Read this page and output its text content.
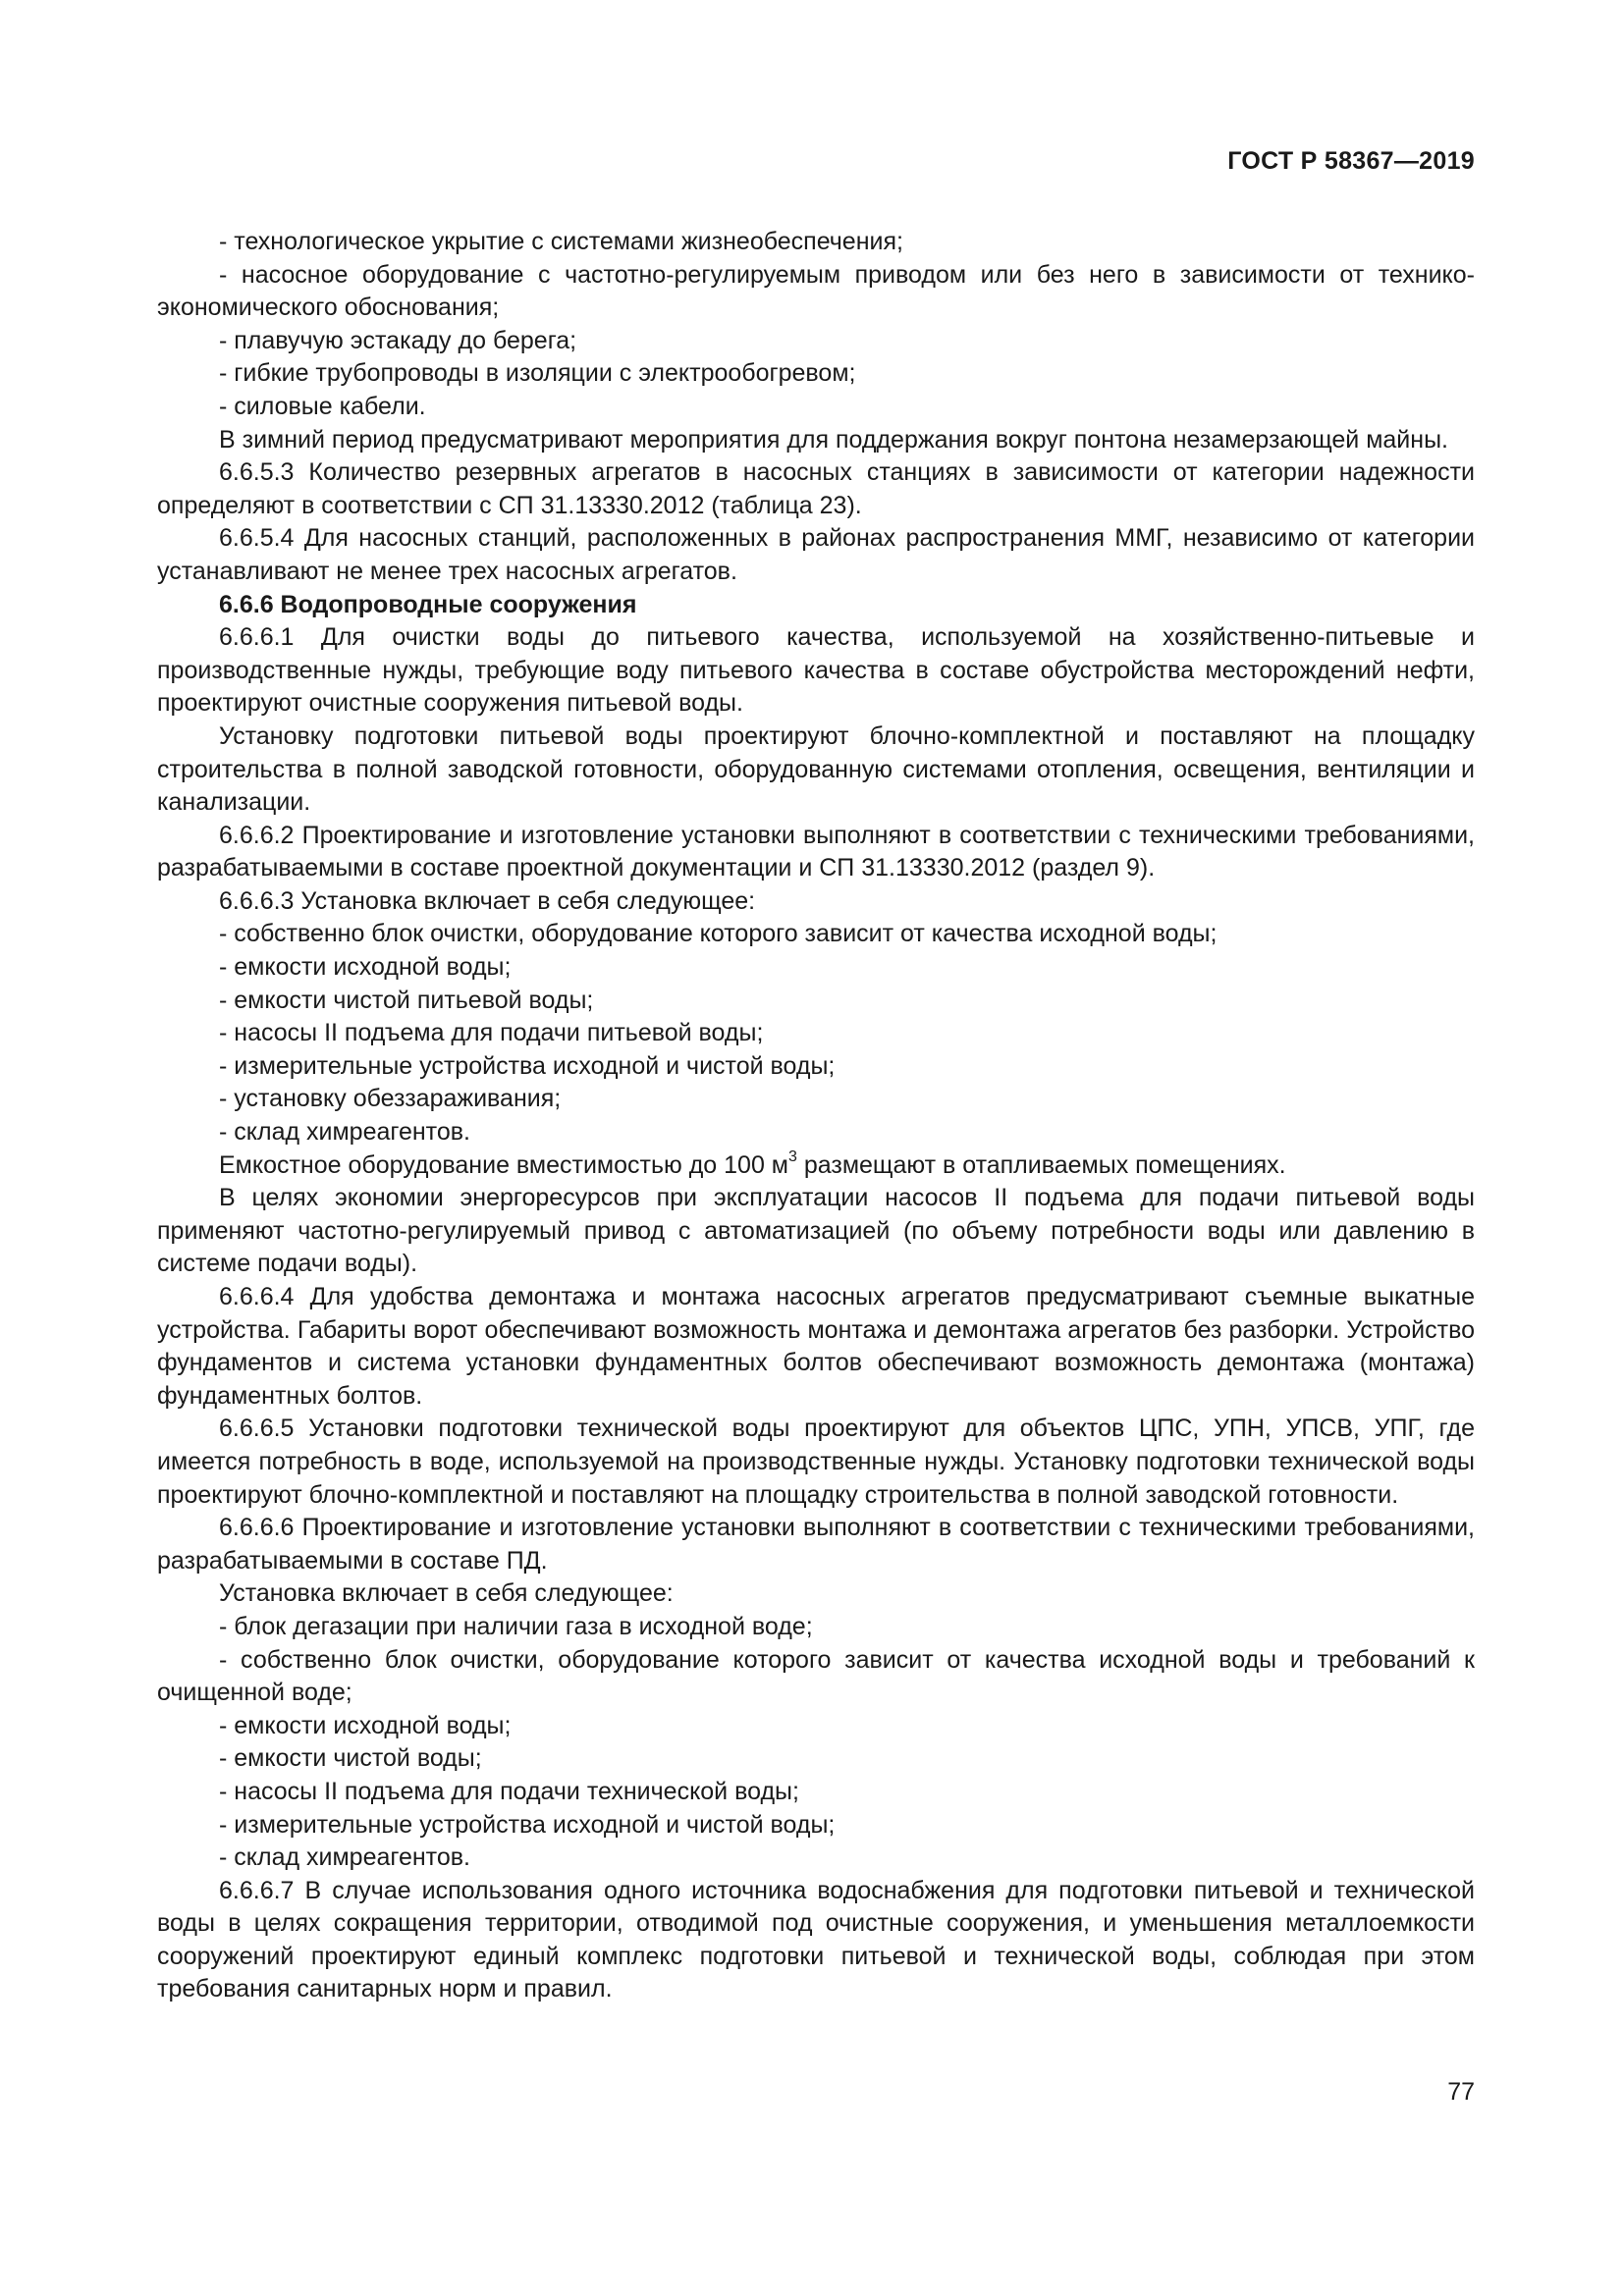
ГОСТ Р 58367—2019

- технологическое укрытие с системами жизнеобеспечения;

- насосное оборудование с частотно-регулируемым приводом или без него в зависимости от технико-экономического обоснования;

- плавучую эстакаду до берега;

- гибкие трубопроводы в изоляции с электрообогревом;

- силовые кабели.

В зимний период предусматривают мероприятия для поддержания вокруг понтона незамерзающей майны.

6.6.5.3 Количество резервных агрегатов в насосных станциях в зависимости от категории надежности определяют в соответствии с СП 31.13330.2012 (таблица 23).

6.6.5.4 Для насосных станций, расположенных в районах распространения ММГ, независимо от категории устанавливают не менее трех насосных агрегатов.

6.6.6 Водопроводные сооружения

6.6.6.1 Для очистки воды до питьевого качества, используемой на хозяйственно-питьевые и производственные нужды, требующие воду питьевого качества в составе обустройства месторождений нефти, проектируют очистные сооружения питьевой воды.

Установку подготовки питьевой воды проектируют блочно-комплектной и поставляют на площадку строительства в полной заводской готовности, оборудованную системами отопления, освещения, вентиляции и канализации.

6.6.6.2 Проектирование и изготовление установки выполняют в соответствии с техническими требованиями, разрабатываемыми в составе проектной документации и СП 31.13330.2012 (раздел 9).

6.6.6.3 Установка включает в себя следующее:

- собственно блок очистки, оборудование которого зависит от качества исходной воды;

- емкости исходной воды;

- емкости чистой питьевой воды;

- насосы II подъема для подачи питьевой воды;

- измерительные устройства исходной и чистой воды;

- установку обеззараживания;

- склад химреагентов.

Емкостное оборудование вместимостью до 100 $м^3$ размещают в отапливаемых помещениях.

В целях экономии энергоресурсов при эксплуатации насосов II подъема для подачи питьевой воды применяют частотно-регулируемый привод с автоматизацией (по объему потребности воды или давлению в системе подачи воды).

6.6.6.4 Для удобства демонтажа и монтажа насосных агрегатов предусматривают съемные выкатные устройства. Габариты ворот обеспечивают возможность монтажа и демонтажа агрегатов без разборки. Устройство фундаментов и система установки фундаментных болтов обеспечивают возможность демонтажа (монтажа) фундаментных болтов.

6.6.6.5 Установки подготовки технической воды проектируют для объектов ЦПС, УПН, УПСВ, УПГ, где имеется потребность в воде, используемой на производственные нужды. Установку подготовки технической воды проектируют блочно-комплектной и поставляют на площадку строительства в полной заводской готовности.

6.6.6.6 Проектирование и изготовление установки выполняют в соответствии с техническими требованиями, разрабатываемыми в составе ПД.

Установка включает в себя следующее:

- блок дегазации при наличии газа в исходной воде;

- собственно блок очистки, оборудование которого зависит от качества исходной воды и требований к очищенной воде;

- емкости исходной воды;

- емкости чистой воды;

- насосы II подъема для подачи технической воды;

- измерительные устройства исходной и чистой воды;

- склад химреагентов.

6.6.6.7 В случае использования одного источника водоснабжения для подготовки питьевой и технической воды в целях сокращения территории, отводимой под очистные сооружения, и уменьшения металлоемкости сооружений проектируют единый комплекс подготовки питьевой и технической воды, соблюдая при этом требования санитарных норм и правил.

77
